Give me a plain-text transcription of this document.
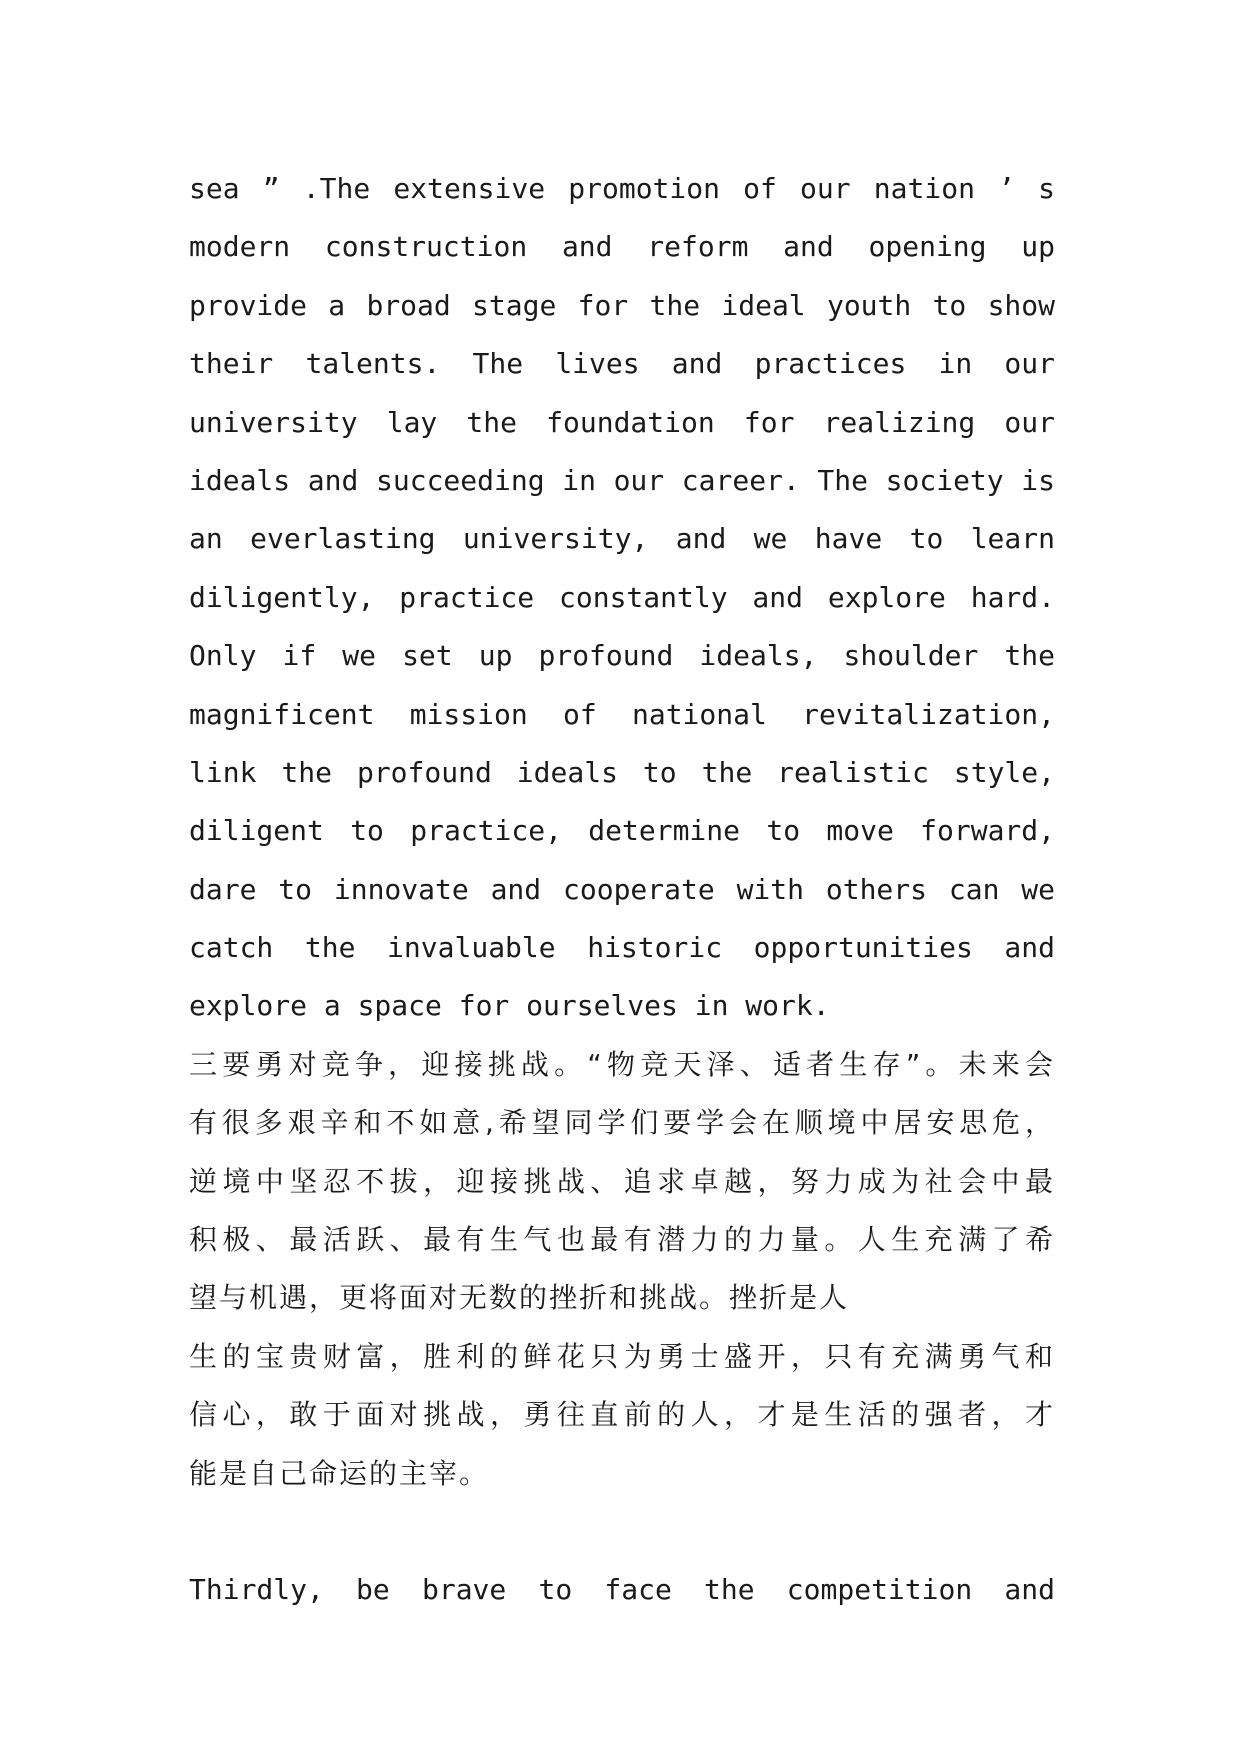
sea ” .The extensive promotion of our nation ’ s
modern construction and reform and opening up
provide a broad stage for the ideal youth to show
their talents. The lives and practices in our
university lay the foundation for realizing our
ideals and succeeding in our career. The society is
an everlasting university, and we have to learn
diligently, practice constantly and explore hard.
Only if we set up profound ideals, shoulder the
magnificent mission of national revitalization,
link the profound ideals to the realistic style,
diligent to practice, determine to move forward,
dare to innovate and cooperate with others can we
catch the invaluable historic opportunities and
explore a space for ourselves in work.
三要勇对竞争，迎接挑战。“物竞天泽、适者生存”。未来会
有很多艰辛和不如意,希望同学们要学会在顺境中居安思危，
逆境中坚忍不拔，迎接挑战、追求卓越，努力成为社会中最
积极、最活跃、最有生气也最有潜力的力量。人生充满了希
望与机遇，更将面对无数的挫折和挑战。挫折是人
生的宝贵财富，胜利的鲜花只为勇士盛开，只有充满勇气和
信心，敢于面对挑战，勇往直前的人，才是生活的强者，才
能是自己命运的主宰。
Thirdly, be brave to face the competition and
